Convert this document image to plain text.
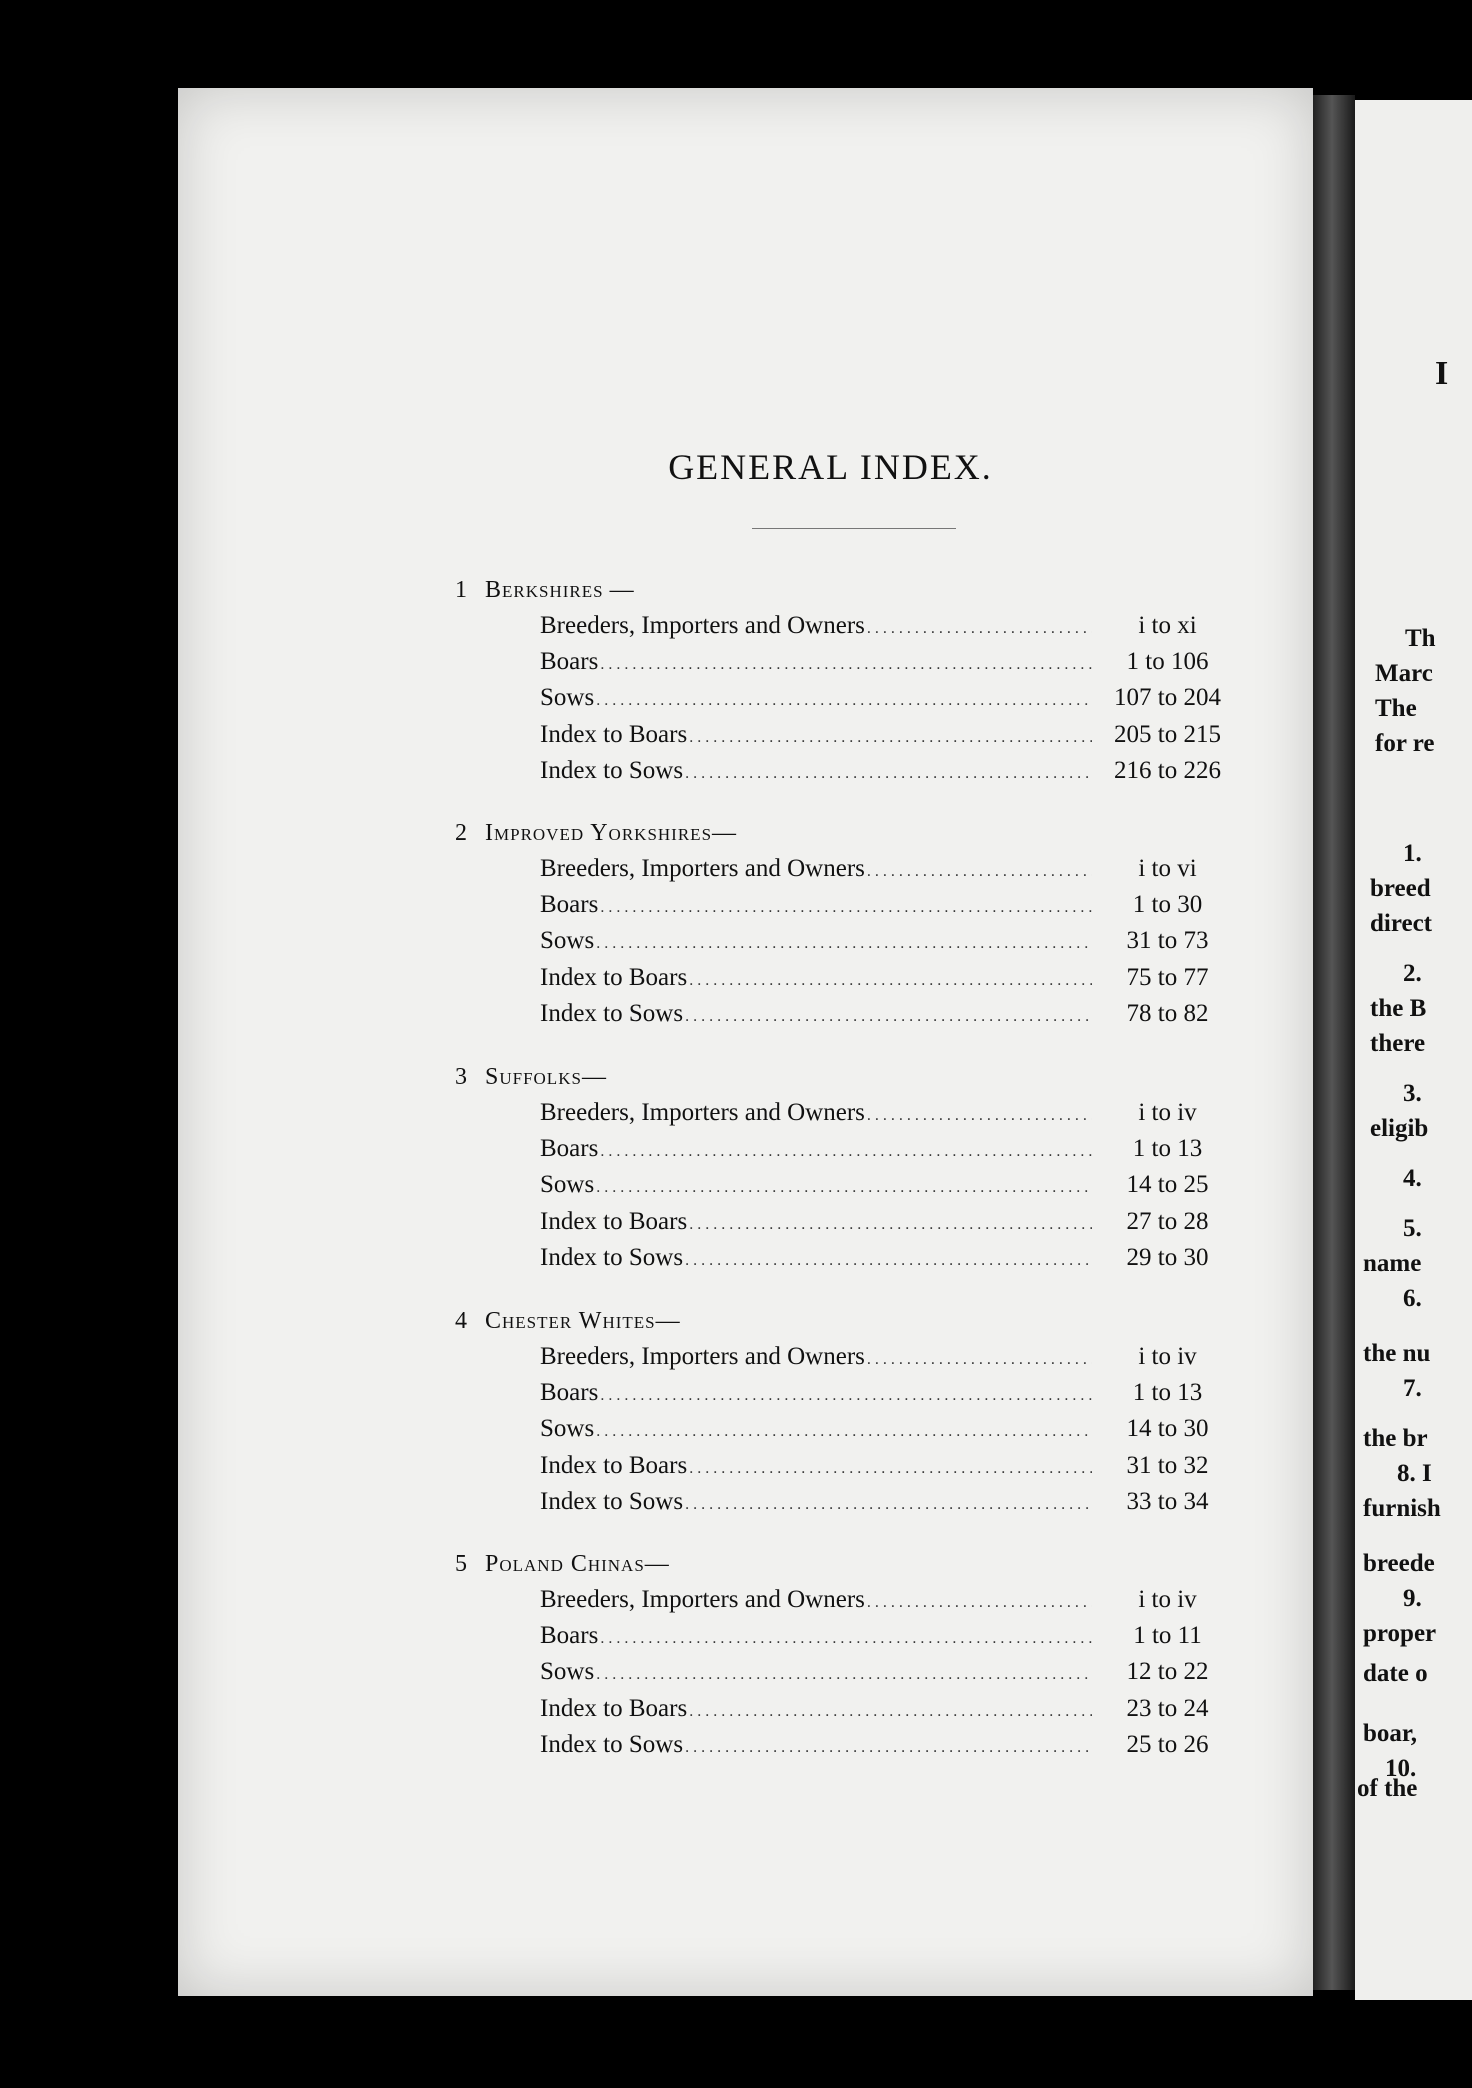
I
Th
Marc
The
for re
1.
breed
direct
2.
the B
there
3.
eligib
4.
5.
name
6.
the nu
7.
the br
8. I
furnish
breede
9.
proper
date o
boar,
10.
of the
GENERAL INDEX.
1 Berkshires —
Breeders, Importers and Owners .....	i to xi
Boars .....	1 to 106
Sows .....	107 to 204
Index to Boars .....	205 to 215
Index to Sows .....	216 to 226
2 Improved Yorkshires—
Breeders, Importers and Owners .....	i to vi
Boars .....	1 to 30
Sows .....	31 to 73
Index to Boars .....	75 to 77
Index to Sows .....	78 to 82
3 Suffolks—
Breeders, Importers and Owners .....	i to iv
Boars .....	1 to 13
Sows .....	14 to 25
Index to Boars .....	27 to 28
Index to Sows .....	29 to 30
4 Chester Whites—
Breeders, Importers and Owners .....	i to iv
Boars .....	1 to 13
Sows .....	14 to 30
Index to Boars .....	31 to 32
Index to Sows .....	33 to 34
5 Poland Chinas—
Breeders, Importers and Owners .....	i to iv
Boars .....	1 to 11
Sows .....	12 to 22
Index to Boars .....	23 to 24
Index to Sows .....	25 to 26
